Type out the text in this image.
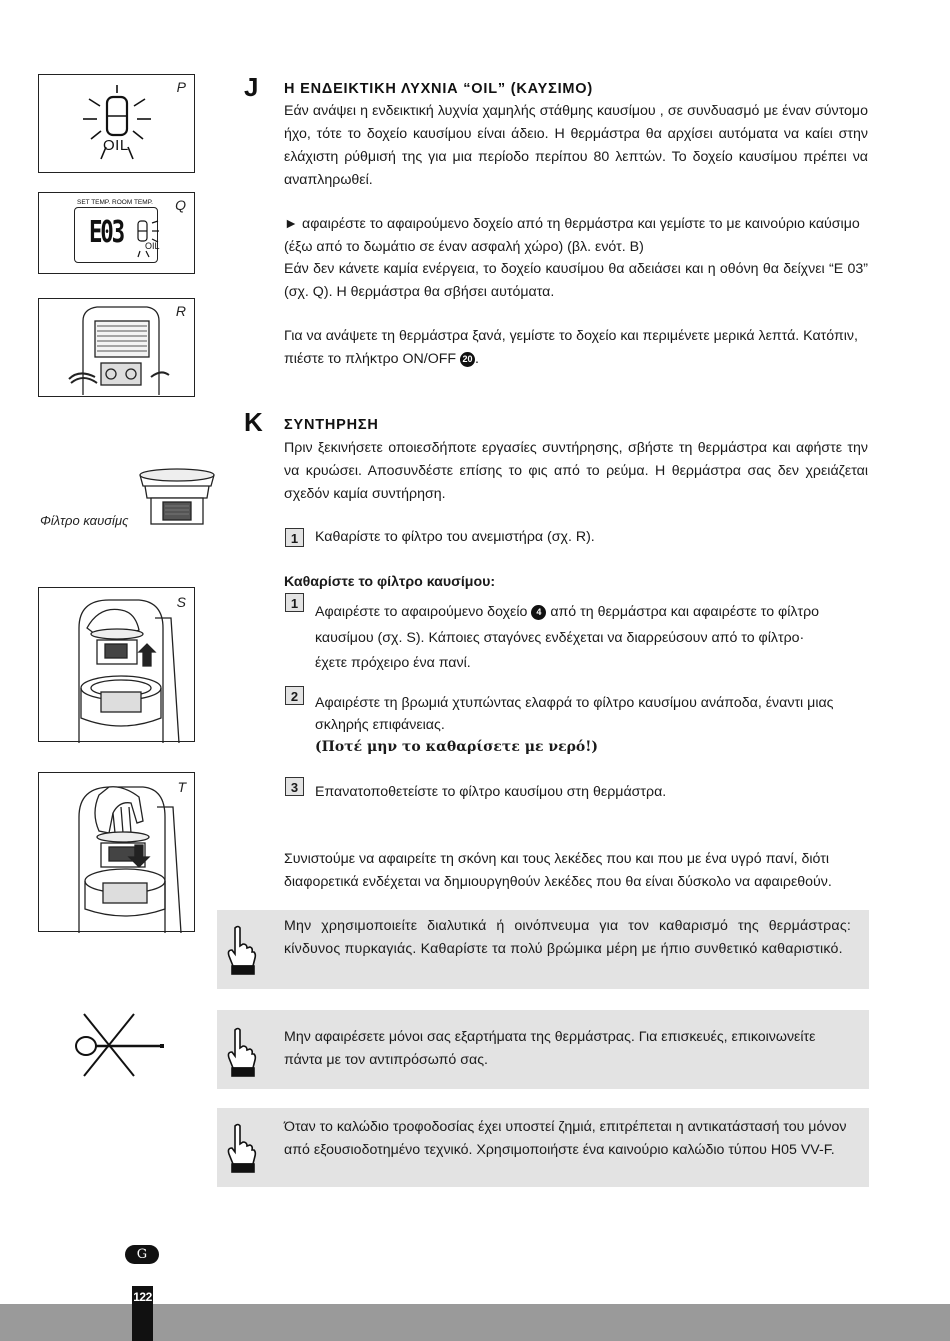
P
OIL
Q
SET TEMP. ROOM TEMP.
E03 OIL
R
Φίλτρο καυσίμς
S
T
J Η ΕΝΔΕΙΚΤΙΚΗ ΛΥΧΝΙΑ “OIL” (ΚΑΥΣΙΜΟ)

Εάν ανάψει η ενδεικτική λυχνία χαμηλής στάθμης καυσίμου , σε συνδυασμό με έναν σύντομο ήχο, τότε το δοχείο καυσίμου είναι άδειο. Η θερμάστρα θα αρχίσει αυτόματα να καίει στην ελάχιστη ρύθμισή της για μια περίοδο περίπου 80 λεπτών. Το δοχείο καυσίμου πρέπει να αναπληρωθεί.

► αφαιρέστε το αφαιρούμενο δοχείο από τη θερμάστρα και γεμίστε το με καινούριο καύσιμο (έξω από το δωμάτιο σε έναν ασφαλή χώρο) (βλ. ενότ. B)

Εάν δεν κάνετε καμία ενέργεια, το δοχείο καυσίμου θα αδειάσει και η οθόνη θα δείχνει “E 03” (σχ. Q). Η θερμάστρα θα σβήσει αυτόματα.

Για να ανάψετε τη θερμάστρα ξανά, γεμίστε το δοχείο και περιμένετε μερικά λεπτά. Κατόπιν, πιέστε το πλήκτρο ON/OFF 20 .

K ΣΥΝΤΗΡΗΣΗ

Πριν ξεκινήσετε οποιεσδήποτε εργασίες συντήρησης, σβήστε τη θερμάστρα και αφήστε την να κρυώσει. Αποσυνδέστε επίσης το φις από το ρεύμα. Η θερμάστρα σας δεν χρειάζεται σχεδόν καμία συντήρηση.

1	Καθαρίστε το φίλτρο του ανεμιστήρα (σχ. R).
Καθαρίστε το φίλτρο καυσίμου:
1
Αφαιρέστε το αφαιρούμενο δοχείο 4 από τη θερμάστρα και αφαιρέστε το φίλτρο
καυσίμου (σχ. S). Κάποιες σταγόνες ενδέχεται να διαρρεύσουν από το φίλτρο·
έχετε πρόχειρο ένα πανί.
2	Αφαιρέστε τη βρωμιά χτυπώντας ελαφρά το φίλτρο καυσίμου ανάποδα, έναντι μιας σκληρής επιφάνειας.
(Ποτέ μην το καθαρίσετε με νερό!)
3	Επανατοποθετείστε το φίλτρο καυσίμου στη θερμάστρα.

Συνιστούμε να αφαιρείτε τη σκόνη και τους λεκέδες που και που με ένα υγρό πανί, διότι διαφορετικά ενδέχεται να δημιουργηθούν λεκέδες που θα είναι δύσκολο να αφαιρεθούν.

Μην χρησιμοποιείτε διαλυτικά ή οινόπνευμα για τον καθαρισμό της θερμάστρας: κίνδυνος πυρκαγιάς. Καθαρίστε τα πολύ βρώμικα μέρη με ήπιο συνθετικό καθαριστικό.

Μην αφαιρέσετε μόνοι σας εξαρτήματα της θερμάστρας. Για επισκευές, επικοινωνείτε πάντα με τον αντιπρόσωπό σας.

Όταν το καλώδιο τροφοδοσίας έχει υποστεί ζημιά, επιτρέπεται η αντικατάστασή του μόνον από εξουσιοδοτημένο τεχνικό. Χρησιμοποιήστε ένα καινούριο καλώδιο τύπου H05 VV-F.

G
122
